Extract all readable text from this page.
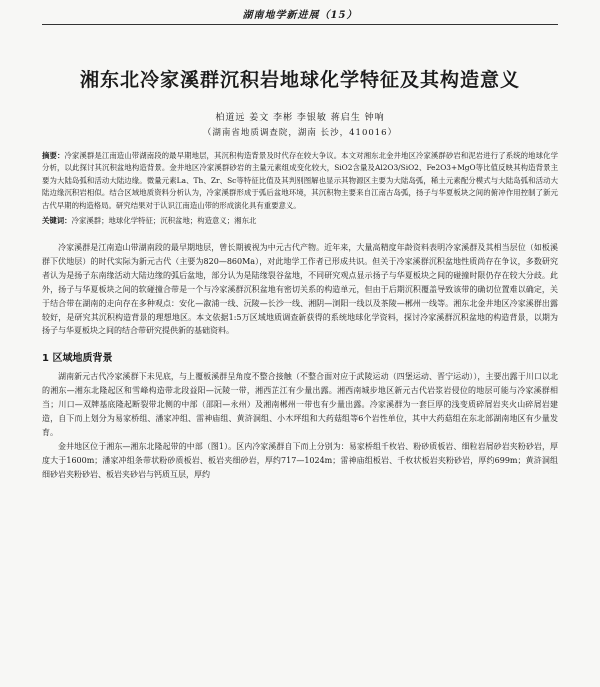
湖南地学新进展（15）
湘东北冷家溪群沉积岩地球化学特征及其构造意义

柏道远 姜文 李彬 李银敏 蒋启生 钟响

（湖南省地质调查院，湖南 长沙，410016）

摘要：冷家溪群是江南造山带湖南段的最早期地层，其沉积构造背景及时代存在较大争议。本文对湘东北金井地区冷家溪群砂岩和泥岩进行了系统的地球化学分析，以此探讨其沉积盆地构造背景。金井地区冷家溪群砂岩的主量元素组成变化较大，SiO2含量及Al2O3/SiO2、Fe2O3+MgO等比值反映其构造背景主要为大陆岛弧和活动大陆边缘。微量元素La、Th、Zr、Sc等特征比值及其判别图解也显示其物源区主要为大陆岛弧，稀土元素配分模式与大陆岛弧和活动大陆边缘沉积岩相似。结合区域地质资料分析认为，冷家溪群形成于弧后盆地环境，其沉积物主要来自江南古岛弧，扬子与华夏板块之间的俯冲作用控制了新元古代早期的构造格局。研究结果对于认识江南造山带的形成演化具有重要意义。

关键词：冷家溪群；地球化学特征；沉积盆地；构造意义；湘东北

冷家溪群是江南造山带湖南段的最早期地层，曾长期被视为中元古代产物。近年来，大量高精度年龄资料表明冷家溪群及其相当层位（如板溪群下伏地层）的时代实际为新元古代（主要为820—860Ma），对此地学工作者已形成共识。但关于冷家溪群沉积盆地性质尚存在争议，多数研究者认为是扬子东南缘活动大陆边缘的弧后盆地，部分认为是陆缘裂谷盆地，不同研究观点显示扬子与华夏板块之间的碰撞时限仍存在较大分歧。此外，扬子与华夏板块之间的软碰撞合带是一个与冷家溪群沉积盆地有密切关系的构造单元，但由于后期沉积覆盖导致该带的确切位置难以确定，关于结合带在湖南的走向存在多种观点：安化—溆浦一线、沅陵—长沙一线、湘阴—浏阳一线以及茶陵—郴州一线等。湘东北金井地区冷家溪群出露较好，是研究其沉积构造背景的理想地区。本文依据1:5万区域地质调查新获得的系统地球化学资料，探讨冷家溪群沉积盆地的构造背景，以期为扬子与华夏板块之间的结合带研究提供新的基础资料。

1 区域地质背景

湖南新元古代冷家溪群下未见底，与上覆板溪群呈角度不整合接触（不整合面对应于武陵运动（四堡运动、晋宁运动）），主要出露于川口以北的湘东—湘东北隆起区和雪峰构造带北段益阳—沅陵一带，湘西芷江有少量出露。湘西南城步地区新元古代岩浆岩侵位的地层可能与冷家溪群相当；川口—双牌基底隆起断裂带北侧的中部（邵阳—永州）及湘南郴州一带也有少量出露。冷家溪群为一套巨厚的浅变质碎屑岩夹火山碎屑岩建造，自下而上划分为易家桥组、潘家冲组、雷神庙组、黄浒洞组、小木坪组和大药菇组等6个岩性单位，其中大药菇组在东北部湖南地区有少量发育。

金井地区位于湘东—湘东北隆起带的中部（图1）。区内冷家溪群自下而上分别为：易家桥组千枚岩、粉砂质板岩、细粒岩屑砂岩夹粉砂岩，厚度大于1600m；潘家冲组条带状粉砂质板岩、板岩夹细砂岩，厚约717—1024m；雷神庙组板岩、千枚状板岩夹粉砂岩，厚约699m；黄浒洞组细砂岩夹粉砂岩、板岩夹砂岩与钙质互层，厚约
